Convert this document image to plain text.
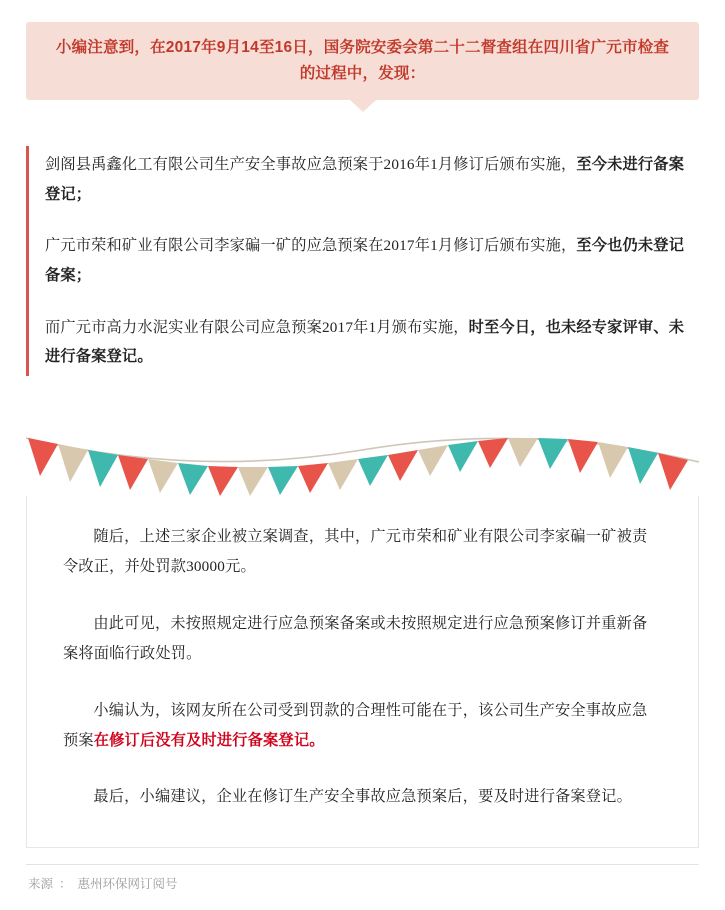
小编注意到，在2017年9月14至16日，国务院安委会第二十二督查组在四川省广元市检查的过程中，发现：

剑阁县禹鑫化工有限公司生产安全事故应急预案于2016年1月修订后颁布实施，至今未进行备案登记；

广元市荣和矿业有限公司李家碥一矿的应急预案在2017年1月修订后颁布实施，至今也仍未登记备案；

而广元市高力水泥实业有限公司应急预案2017年1月颁布实施，时至今日，也未经专家评审、未进行备案登记。

随后，上述三家企业被立案调查，其中，广元市荣和矿业有限公司李家碥一矿被责令改正，并处罚款30000元。

由此可见，未按照规定进行应急预案备案或未按照规定进行应急预案修订并重新备案将面临行政处罚。

小编认为，该网友所在公司受到罚款的合理性可能在于，该公司生产安全事故应急预案在修订后没有及时进行备案登记。

最后，小编建议，企业在修订生产安全事故应急预案后，要及时进行备案登记。

来源 ： 惠州环保网订阅号
